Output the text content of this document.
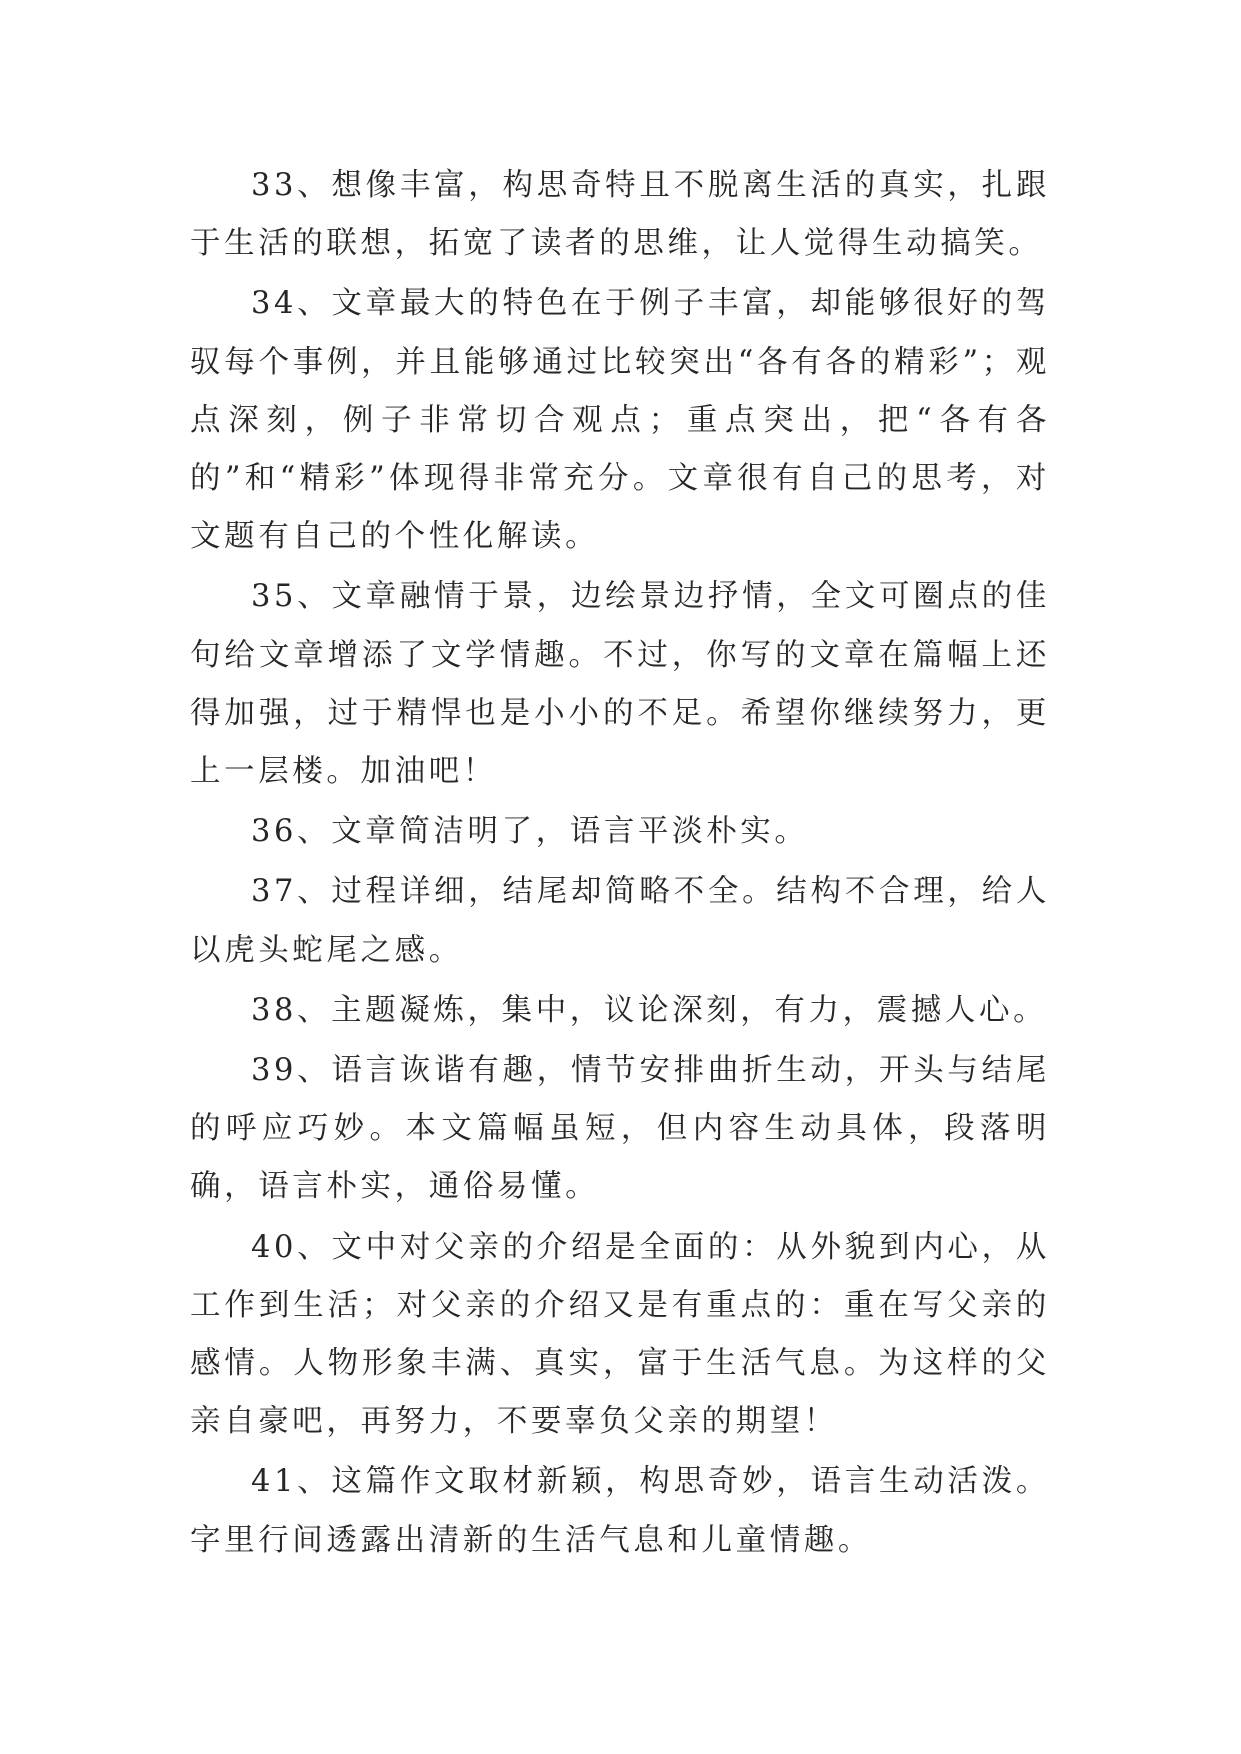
33、想像丰富，构思奇特且不脱离生活的真实，扎跟于生活的联想，拓宽了读者的思维，让人觉得生动搞笑。

34、文章最大的特色在于例子丰富，却能够很好的驾驭每个事例，并且能够通过比较突出“各有各的精彩”；观点深刻，例子非常切合观点；重点突出，把“各有各的”和“精彩”体现得非常充分。文章很有自己的思考，对文题有自己的个性化解读。

35、文章融情于景，边绘景边抒情，全文可圈点的佳句给文章增添了文学情趣。不过，你写的文章在篇幅上还得加强，过于精悍也是小小的不足。希望你继续努力，更上一层楼。加油吧！

36、文章简洁明了，语言平淡朴实。

37、过程详细，结尾却简略不全。结构不合理，给人以虎头蛇尾之感。

38、主题凝炼，集中，议论深刻，有力，震撼人心。

39、语言诙谐有趣，情节安排曲折生动，开头与结尾的呼应巧妙。本文篇幅虽短，但内容生动具体，段落明确，语言朴实，通俗易懂。

40、文中对父亲的介绍是全面的：从外貌到内心，从工作到生活；对父亲的介绍又是有重点的：重在写父亲的感情。人物形象丰满、真实，富于生活气息。为这样的父亲自豪吧，再努力，不要辜负父亲的期望！

41、这篇作文取材新颖，构思奇妙，语言生动活泼。字里行间透露出清新的生活气息和儿童情趣。
